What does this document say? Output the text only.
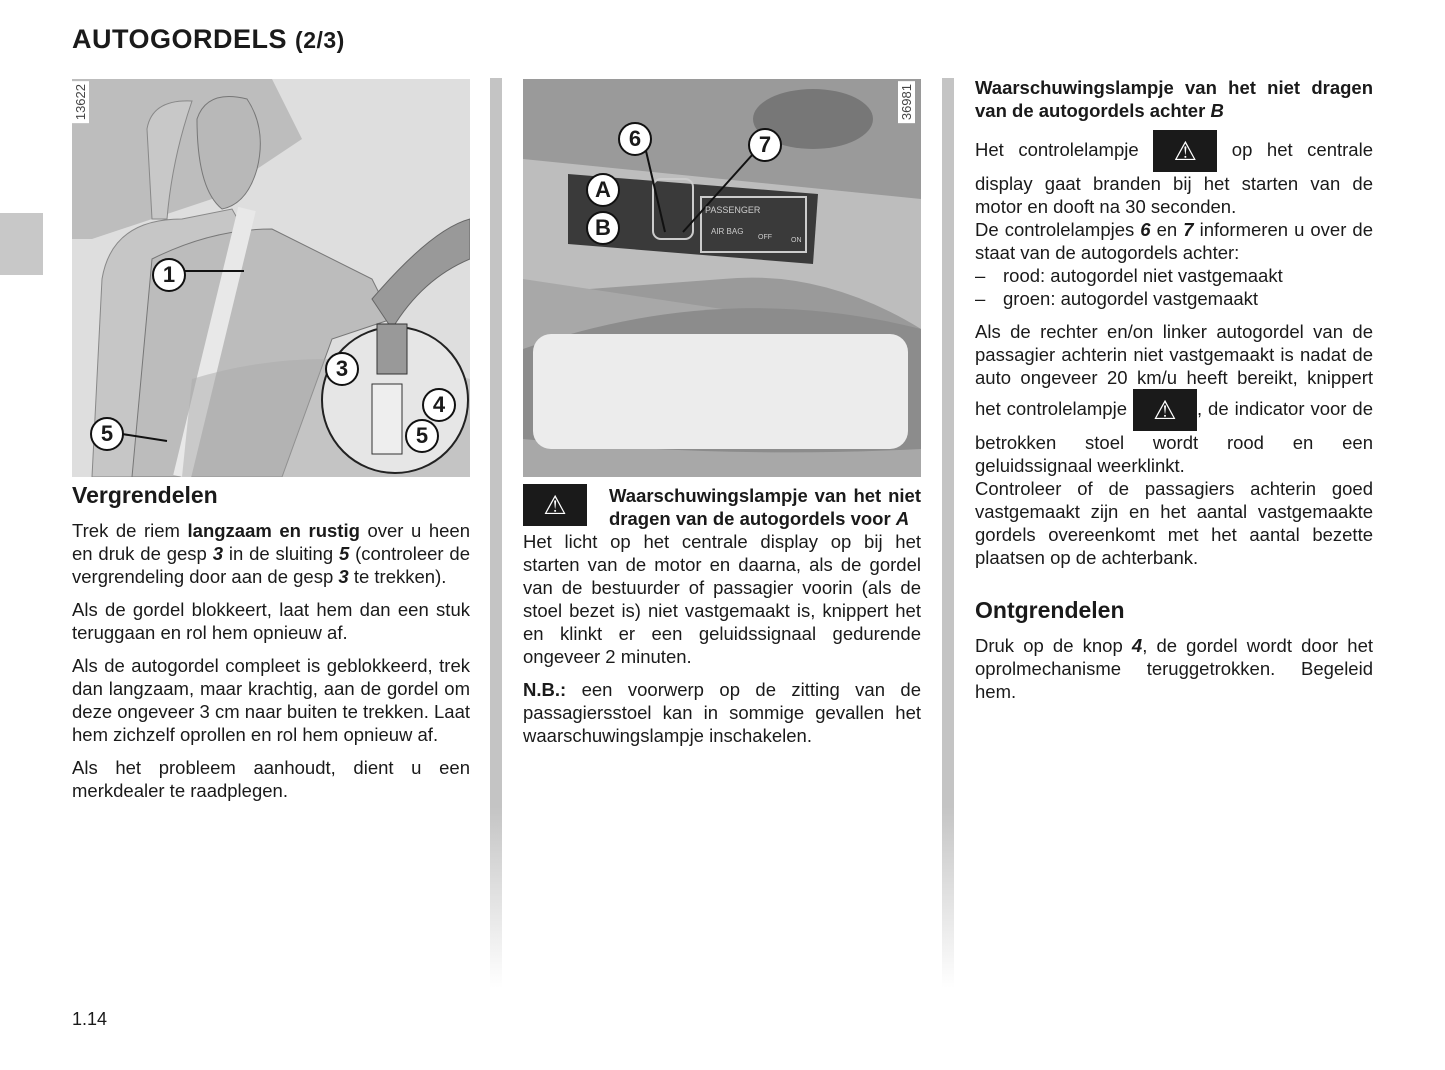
AUTOGORDELS (2/3)
13622
1
3
4
5	5
36981
PASSENGER
AIR BAG
OFF	ON
6	7
A
B
Vergrendelen

Trek de riem langzaam en rustig over u heen en druk de gesp 3 in de sluiting 5 (controleer de vergrendeling door aan de gesp 3 te trekken).

Als de gordel blokkeert, laat hem dan een stuk teruggaan en rol hem opnieuw af.

Als de autogordel compleet is geblokkeerd, trek dan langzaam, maar krachtig, aan de gordel om deze ongeveer 3 cm naar buiten te trekken. Laat hem zichzelf oprollen en rol hem opnieuw af.

Als het probleem aanhoudt, dient u een merkdealer te raadplegen.

⚠	Waarschuwingslampje van het niet dragen van de autogordels voor A

Het licht op het centrale display op bij het starten van de motor en daarna, als de gordel van de bestuurder of passagier voorin (als de stoel bezet is) niet vastgemaakt is, knippert het en klinkt er een geluidssignaal gedurende ongeveer 2 minuten.

N.B.: een voorwerp op de zitting van de passagiersstoel kan in sommige gevallen het waarschuwingslampje inschakelen.

Waarschuwingslampje van het niet dragen van de autogordels achter B

Het controlelampje ⚠ op het centrale display gaat branden bij het starten van de motor en dooft na 30 seconden.

De controlelampjes 6 en 7 informeren u over de staat van de autogordels achter:

– rood: autogordel niet vastgemaakt
– groen: autogordel vastgemaakt

Als de rechter en/on linker autogordel van de passagier achterin niet vastgemaakt is nadat de auto ongeveer 20 km/u heeft bereikt, knippert het controlelampje ⚠ , de indicator voor de betrokken stoel wordt rood en een geluidssignaal weerklinkt.

Controleer of de passagiers achterin goed vastgemaakt zijn en het aantal vastgemaakte gordels overeenkomt met het aantal bezette plaatsen op de achterbank.

Ontgrendelen

Druk op de knop 4, de gordel wordt door het oprolmechanisme teruggetrokken. Begeleid hem.

1.14
